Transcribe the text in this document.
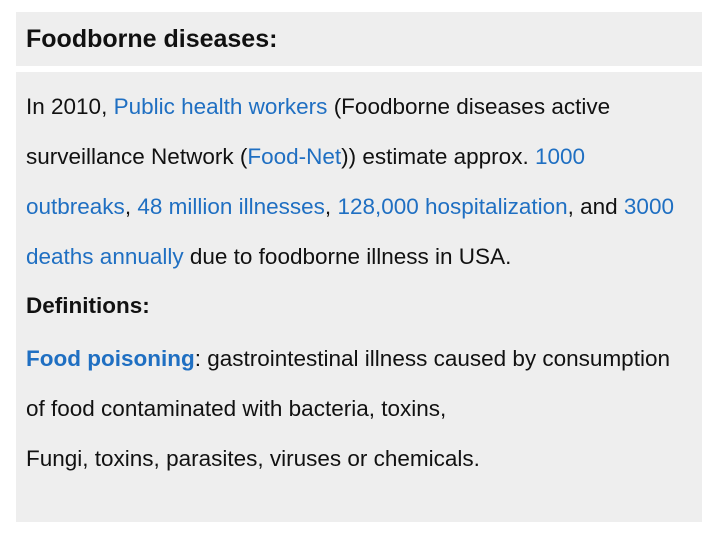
Foodborne diseases:

In 2010, Public health workers (Foodborne diseases active surveillance Network (Food-Net)) estimate approx. 1000 outbreaks, 48 million illnesses, 128,000 hospitalization, and 3000 deaths annually due to foodborne illness in USA.

Definitions:

Food poisoning: gastrointestinal illness caused by consumption of food contaminated with bacteria, toxins,

Fungi, toxins, parasites, viruses or chemicals.
